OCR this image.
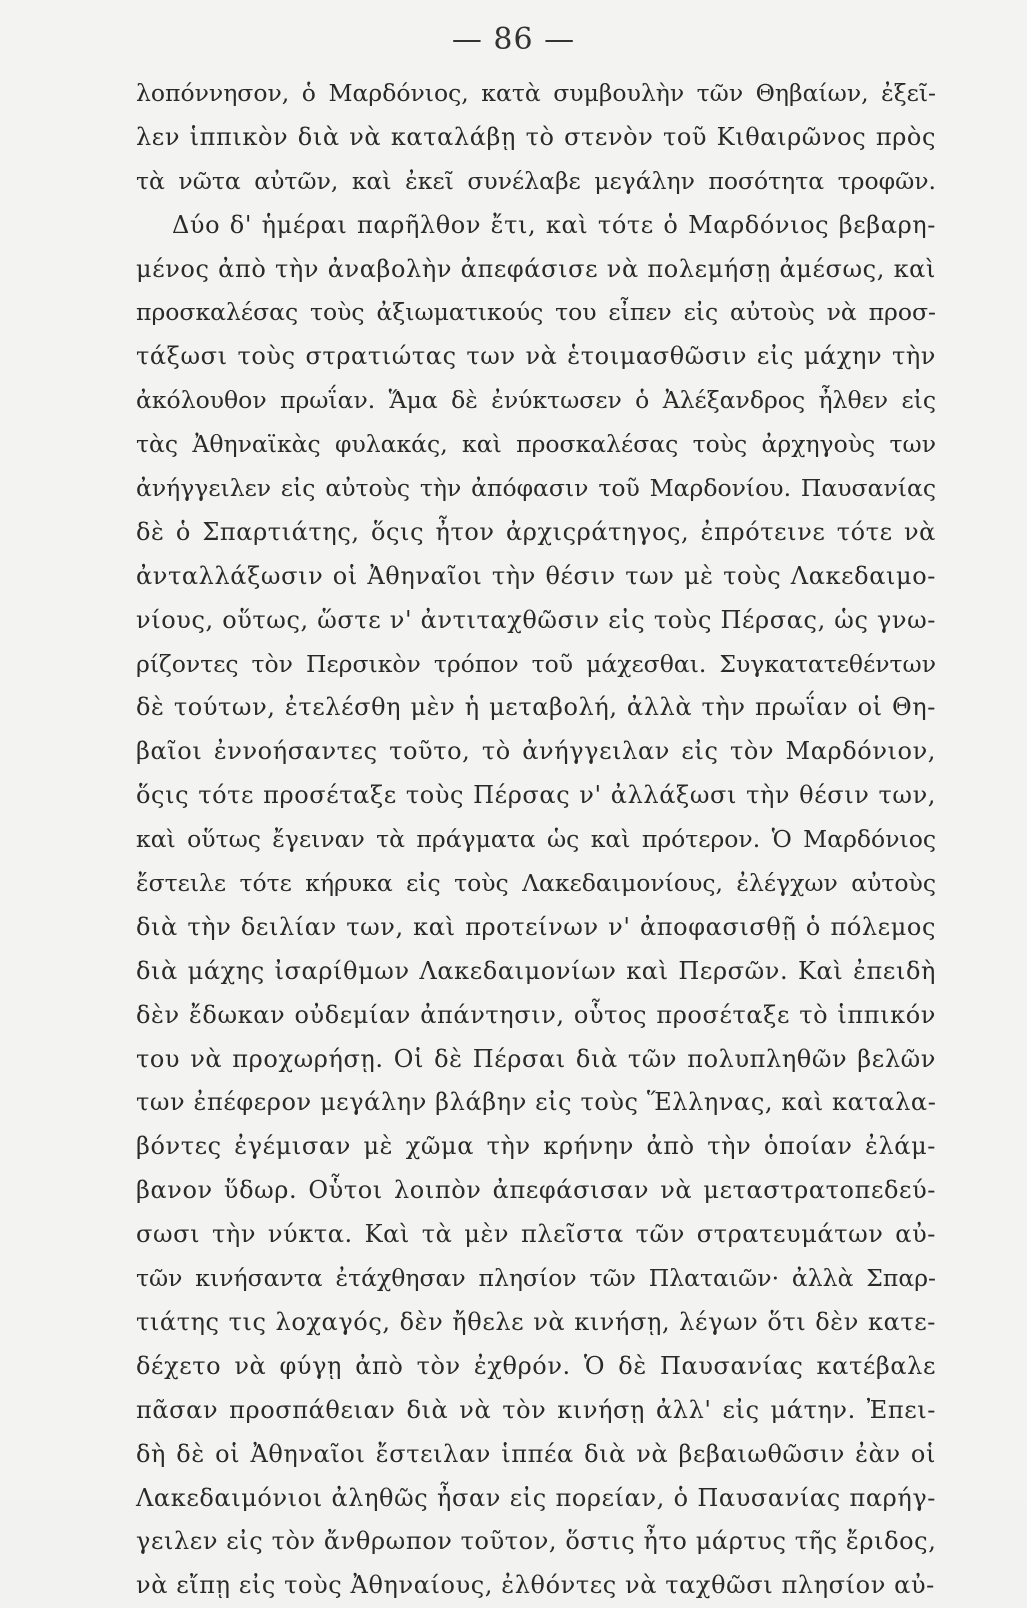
— 86 —
λοπόννησον, ὁ Μαρδόνιος, κατὰ συμβουλὴν τῶν Θηβαίων, ἐξεῖ-
λεν ἱππικὸν διὰ νὰ καταλάβῃ τὸ στενὸν τοῦ Κιθαιρῶνος πρὸς
τὰ νῶτα αὐτῶν, καὶ ἐκεῖ συνέλαβε μεγάλην ποσότητα τροφῶν.
Δύο δ' ἡμέραι παρῆλθον ἔτι, καὶ τότε ὁ Μαρδόνιος βεβαρη-
μένος ἀπὸ τὴν ἀναβολὴν ἀπεφάσισε νὰ πολεμήσῃ ἀμέσως, καὶ
προσκαλέσας τοὺς ἀξιωματικούς του εἶπεν εἰς αὐτοὺς νὰ προσ-
τάξωσι τοὺς στρατιώτας των νὰ ἑτοιμασθῶσιν εἰς μάχην τὴν
ἀκόλουθον πρωΐαν. Ἅμα δὲ ἐνύκτωσεν ὁ Ἀλέξανδρος ἦλθεν εἰς
τὰς Ἀθηναϊκὰς φυλακάς, καὶ προσκαλέσας τοὺς ἀρχηγοὺς των
ἀνήγγειλεν εἰς αὐτοὺς τὴν ἀπόφασιν τοῦ Μαρδονίου. Παυσανίας
δὲ ὁ Σπαρτιάτης, ὅςις ἦτον ἀρχιςράτηγος, ἐπρότεινε τότε νὰ
ἀνταλλάξωσιν οἱ Ἀθηναῖοι τὴν θέσιν των μὲ τοὺς Λακεδαιμο-
νίους, οὕτως, ὥστε ν' ἀντιταχθῶσιν εἰς τοὺς Πέρσας, ὡς γνω-
ρίζοντες τὸν Περσικὸν τρόπον τοῦ μάχεσθαι. Συγκατατεθέντων
δὲ τούτων, ἐτελέσθη μὲν ἡ μεταβολή, ἀλλὰ τὴν πρωΐαν οἱ Θη-
βαῖοι ἐννοήσαντες τοῦτο, τὸ ἀνήγγειλαν εἰς τὸν Μαρδόνιον,
ὅςις τότε προσέταξε τοὺς Πέρσας ν' ἀλλάξωσι τὴν θέσιν των,
καὶ οὕτως ἔγειναν τὰ πράγματα ὡς καὶ πρότερον. Ὁ Μαρδόνιος
ἔστειλε τότε κήρυκα εἰς τοὺς Λακεδαιμονίους, ἐλέγχων αὐτοὺς
διὰ τὴν δειλίαν των, καὶ προτείνων ν' ἀποφασισθῇ ὁ πόλεμος
διὰ μάχης ἰσαρίθμων Λακεδαιμονίων καὶ Περσῶν. Καὶ ἐπειδὴ
δὲν ἔδωκαν οὐδεμίαν ἀπάντησιν, οὗτος προσέταξε τὸ ἱππικόν
του νὰ προχωρήσῃ. Οἱ δὲ Πέρσαι διὰ τῶν πολυπληθῶν βελῶν
των ἐπέφερον μεγάλην βλάβην εἰς τοὺς Ἕλληνας, καὶ καταλα-
βόντες ἐγέμισαν μὲ χῶμα τὴν κρήνην ἀπὸ τὴν ὁποίαν ἐλάμ-
βανον ὕδωρ. Οὗτοι λοιπὸν ἀπεφάσισαν νὰ μεταστρατοπεδεύ-
σωσι τὴν νύκτα. Καὶ τὰ μὲν πλεῖστα τῶν στρατευμάτων αὐ-
τῶν κινήσαντα ἐτάχθησαν πλησίον τῶν Πλαταιῶν· ἀλλὰ Σπαρ-
τιάτης τις λοχαγός, δὲν ἤθελε νὰ κινήσῃ, λέγων ὅτι δὲν κατε-
δέχετο νὰ φύγῃ ἀπὸ τὸν ἐχθρόν. Ὁ δὲ Παυσανίας κατέβαλε
πᾶσαν προσπάθειαν διὰ νὰ τὸν κινήσῃ ἀλλ' εἰς μάτην. Ἐπει-
δὴ δὲ οἱ Ἀθηναῖοι ἔστειλαν ἱππέα διὰ νὰ βεβαιωθῶσιν ἐὰν οἱ
Λακεδαιμόνιοι ἀληθῶς ἦσαν εἰς πορείαν, ὁ Παυσανίας παρήγ-
γειλεν εἰς τὸν ἄνθρωπον τοῦτον, ὅστις ἦτο μάρτυς τῆς ἔριδος,
νὰ εἴπῃ εἰς τοὺς Ἀθηναίους, ἐλθόντες νὰ ταχθῶσι πλησίον αὐ-
